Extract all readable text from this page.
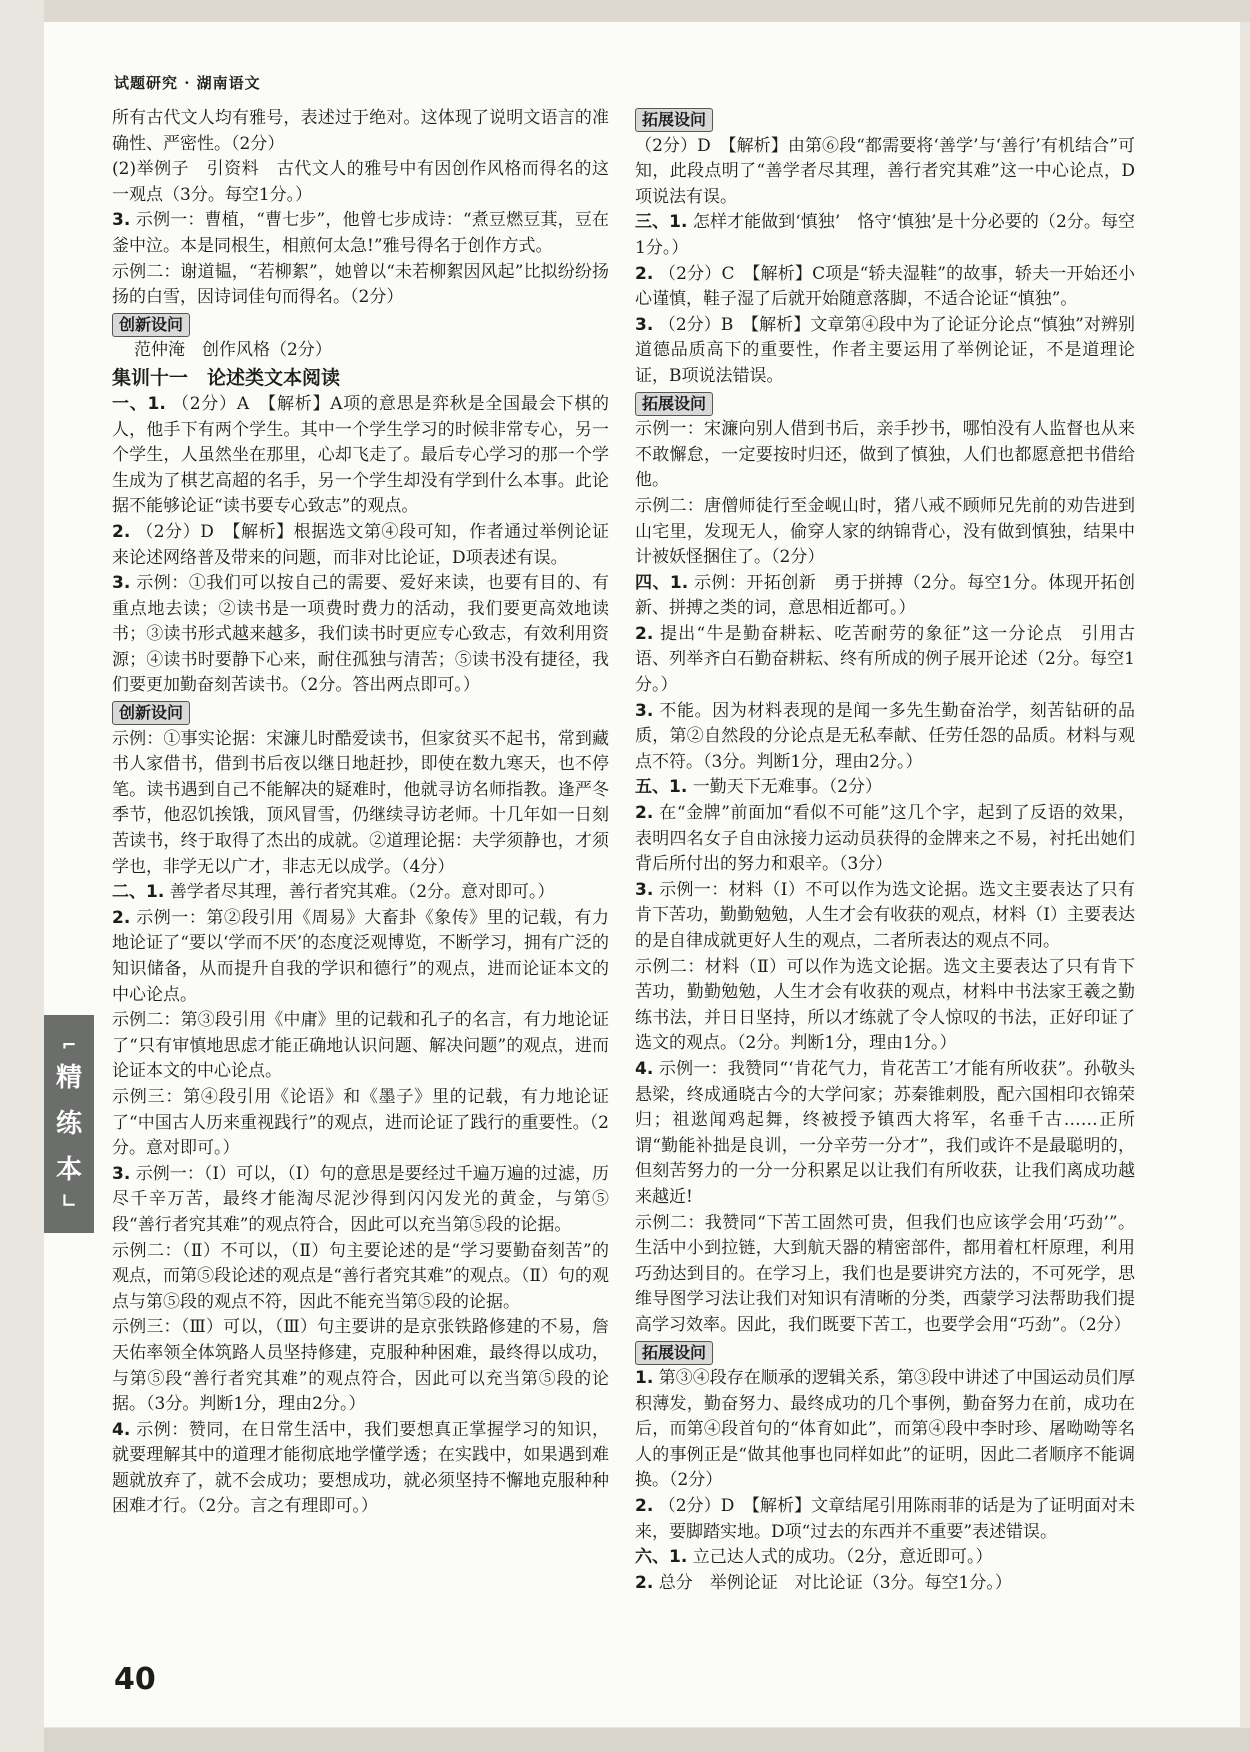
试题研究 · 湖南语文

所有古代文人均有雅号，表述过于绝对。这体现了说明文语言的准确性、严密性。（2分）

(2)举例子　引资料　古代文人的雅号中有因创作风格而得名的这一观点（3分。每空1分。）

3. 示例一：曹植，“曹七步”，他曾七步成诗：“煮豆燃豆萁，豆在釜中泣。本是同根生，相煎何太急!”雅号得名于创作方式。

示例二：谢道韫，“若柳絮”，她曾以“未若柳絮因风起”比拟纷纷扬扬的白雪，因诗词佳句而得名。（2分）

创新设问

范仲淹　创作风格（2分）

集训十一　论述类文本阅读

一、1. （2分）A　【解析】A项的意思是弈秋是全国最会下棋的人，他手下有两个学生。其中一个学生学习的时候非常专心，另一个学生，人虽然坐在那里，心却飞走了。最后专心学习的那一个学生成为了棋艺高超的名手，另一个学生却没有学到什么本事。此论据不能够论证“读书要专心致志”的观点。

2. （2分）D　【解析】根据选文第④段可知，作者通过举例论证来论述网络普及带来的问题，而非对比论证，D项表述有误。

3. 示例：①我们可以按自己的需要、爱好来读，也要有目的、有重点地去读；②读书是一项费时费力的活动，我们要更高效地读书；③读书形式越来越多，我们读书时更应专心致志，有效利用资源；④读书时要静下心来，耐住孤独与清苦；⑤读书没有捷径，我们要更加勤奋刻苦读书。（2分。答出两点即可。）

创新设问

示例：①事实论据：宋濂儿时酷爱读书，但家贫买不起书，常到藏书人家借书，借到书后夜以继日地赶抄，即使在数九寒天，也不停笔。读书遇到自己不能解决的疑难时，他就寻访名师指教。逢严冬季节，他忍饥挨饿，顶风冒雪，仍继续寻访老师。十几年如一日刻苦读书，终于取得了杰出的成就。②道理论据：夫学须静也，才须学也，非学无以广才，非志无以成学。（4分）

二、1. 善学者尽其理，善行者究其难。（2分。意对即可。）

2. 示例一：第②段引用《周易》大畜卦《象传》里的记载，有力地论证了“要以‘学而不厌’的态度泛观博览，不断学习，拥有广泛的知识储备，从而提升自我的学识和德行”的观点，进而论证本文的中心论点。

示例二：第③段引用《中庸》里的记载和孔子的名言，有力地论证了“只有审慎地思虑才能正确地认识问题、解决问题”的观点，进而论证本文的中心论点。

示例三：第④段引用《论语》和《墨子》里的记载，有力地论证了“中国古人历来重视践行”的观点，进而论证了践行的重要性。（2分。意对即可。）

3. 示例一：（Ⅰ）可以，（Ⅰ）句的意思是要经过千遍万遍的过滤，历尽千辛万苦，最终才能淘尽泥沙得到闪闪发光的黄金，与第⑤段“善行者究其难”的观点符合，因此可以充当第⑤段的论据。

示例二：（Ⅱ）不可以，（Ⅱ）句主要论述的是“学习要勤奋刻苦”的观点，而第⑤段论述的观点是“善行者究其难”的观点。（Ⅱ）句的观点与第⑤段的观点不符，因此不能充当第⑤段的论据。

示例三：（Ⅲ）可以，（Ⅲ）句主要讲的是京张铁路修建的不易，詹天佑率领全体筑路人员坚持修建，克服种种困难，最终得以成功，与第⑤段“善行者究其难”的观点符合，因此可以充当第⑤段的论据。（3分。判断1分，理由2分。）

4. 示例：赞同，在日常生活中，我们要想真正掌握学习的知识，就要理解其中的道理才能彻底地学懂学透；在实践中，如果遇到难题就放弃了，就不会成功；要想成功，就必须坚持不懈地克服种种困难才行。（2分。言之有理即可。）

拓展设问

（2分）D　【解析】由第⑥段“都需要将‘善学’与‘善行’有机结合”可知，此段点明了“善学者尽其理，善行者究其难”这一中心论点，D项说法有误。

三、1. 怎样才能做到‘慎独’　恪守‘慎独’是十分必要的（2分。每空1分。）

2. （2分）C　【解析】C项是“轿夫湿鞋”的故事，轿夫一开始还小心谨慎，鞋子湿了后就开始随意落脚，不适合论证“慎独”。

3. （2分）B　【解析】文章第④段中为了论证分论点“慎独”对辨别道德品质高下的重要性，作者主要运用了举例论证，不是道理论证，B项说法错误。

拓展设问

示例一：宋濂向别人借到书后，亲手抄书，哪怕没有人监督也从来不敢懈怠，一定要按时归还，做到了慎独，人们也都愿意把书借给他。

示例二：唐僧师徒行至金岘山时，猪八戒不顾师兄先前的劝告进到山宅里，发现无人，偷穿人家的纳锦背心，没有做到慎独，结果中计被妖怪捆住了。（2分）

四、1. 示例：开拓创新　勇于拼搏（2分。每空1分。体现开拓创新、拼搏之类的词，意思相近都可。）

2. 提出“牛是勤奋耕耘、吃苦耐劳的象征”这一分论点　引用古语、列举齐白石勤奋耕耘、终有所成的例子展开论述（2分。每空1分。）

3. 不能。因为材料表现的是闻一多先生勤奋治学，刻苦钻研的品质，第②自然段的分论点是无私奉献、任劳任怨的品质。材料与观点不符。（3分。判断1分，理由2分。）

五、1. 一勤天下无难事。（2分）

2. 在“金牌”前面加“看似不可能”这几个字，起到了反语的效果，表明四名女子自由泳接力运动员获得的金牌来之不易，衬托出她们背后所付出的努力和艰辛。（3分）

3. 示例一：材料（Ⅰ）不可以作为选文论据。选文主要表达了只有肯下苦功，勤勤勉勉，人生才会有收获的观点，材料（Ⅰ）主要表达的是自律成就更好人生的观点，二者所表达的观点不同。

示例二：材料（Ⅱ）可以作为选文论据。选文主要表达了只有肯下苦功，勤勤勉勉，人生才会有收获的观点，材料中书法家王羲之勤练书法，并日日坚持，所以才练就了令人惊叹的书法，正好印证了选文的观点。（2分。判断1分，理由1分。）

4. 示例一：我赞同“‘肯花气力，肯花苦工’才能有所收获”。孙敬头悬梁，终成通晓古今的大学问家；苏秦锥刺股，配六国相印衣锦荣归；祖逖闻鸡起舞，终被授予镇西大将军，名垂千古……正所谓“勤能补拙是良训，一分辛劳一分才”，我们或许不是最聪明的，但刻苦努力的一分一分积累足以让我们有所收获，让我们离成功越来越近!

示例二：我赞同“下苦工固然可贵，但我们也应该学会用‘巧劲’”。生活中小到拉链，大到航天器的精密部件，都用着杠杆原理，利用巧劲达到目的。在学习上，我们也是要讲究方法的，不可死学，思维导图学习法让我们对知识有清晰的分类，西蒙学习法帮助我们提高学习效率。因此，我们既要下苦工，也要学会用“巧劲”。（2分）

拓展设问

1. 第③④段存在顺承的逻辑关系，第③段中讲述了中国运动员们厚积薄发，勤奋努力、最终成功的几个事例，勤奋努力在前，成功在后，而第④段首句的“体育如此”，而第④段中李时珍、屠呦呦等名人的事例正是“做其他事也同样如此”的证明，因此二者顺序不能调换。（2分）

2. （2分）D　【解析】文章结尾引用陈雨菲的话是为了证明面对未来，要脚踏实地。D项“过去的东西并不重要”表述错误。

六、1. 立己达人式的成功。（2分，意近即可。）

2. 总分　举例论证　对比论证（3分。每空1分。）

⌐
精
练
本
∟
40
